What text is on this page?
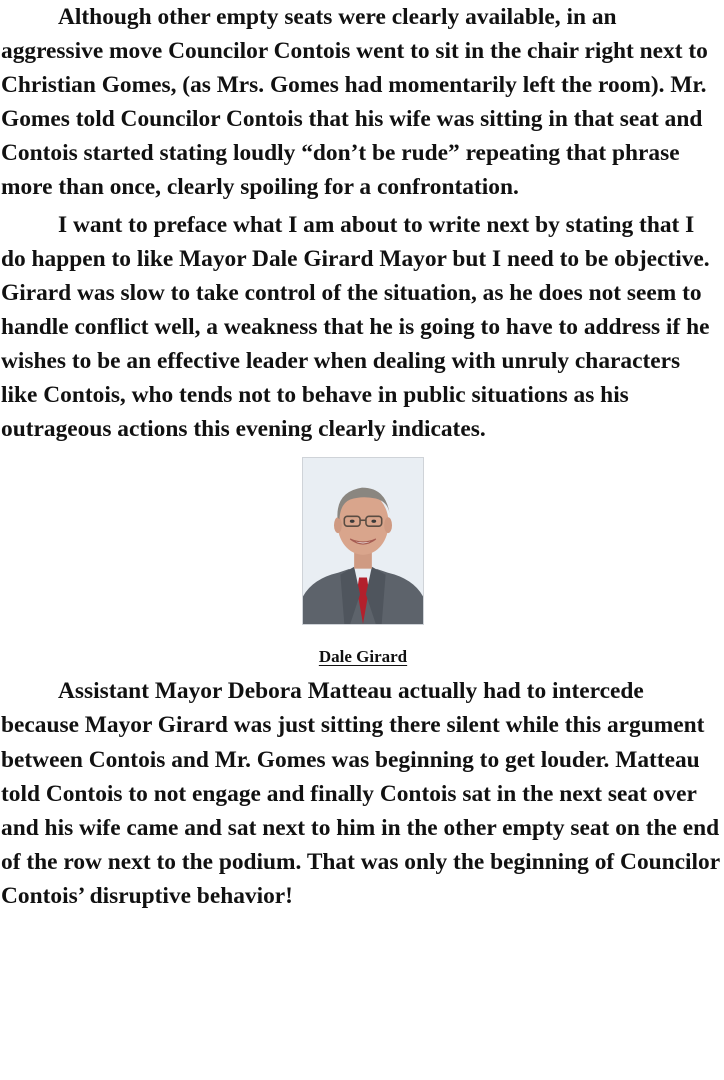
Although other empty seats were clearly available, in an aggressive move Councilor Contois went to sit in the chair right next to Christian Gomes, (as Mrs. Gomes had momentarily left the room). Mr. Gomes told Councilor Contois that his wife was sitting in that seat and Contois started stating loudly “don’t be rude” repeating that phrase more than once, clearly spoiling for a confrontation.

I want to preface what I am about to write next by stating that I do happen to like Mayor Dale Girard Mayor but I need to be objective. Girard was slow to take control of the situation, as he does not seem to handle conflict well, a weakness that he is going to have to address if he wishes to be an effective leader when dealing with unruly characters like Contois, who tends not to behave in public situations as his outrageous actions this evening clearly indicates.

Dale Girard

Assistant Mayor Debora Matteau actually had to intercede because Mayor Girard was just sitting there silent while this argument between Contois and Mr. Gomes was beginning to get louder. Matteau told Contois to not engage and finally Contois sat in the next seat over and his wife came and sat next to him in the other empty seat on the end of the row next to the podium. That was only the beginning of Councilor Contois’ disruptive behavior!
